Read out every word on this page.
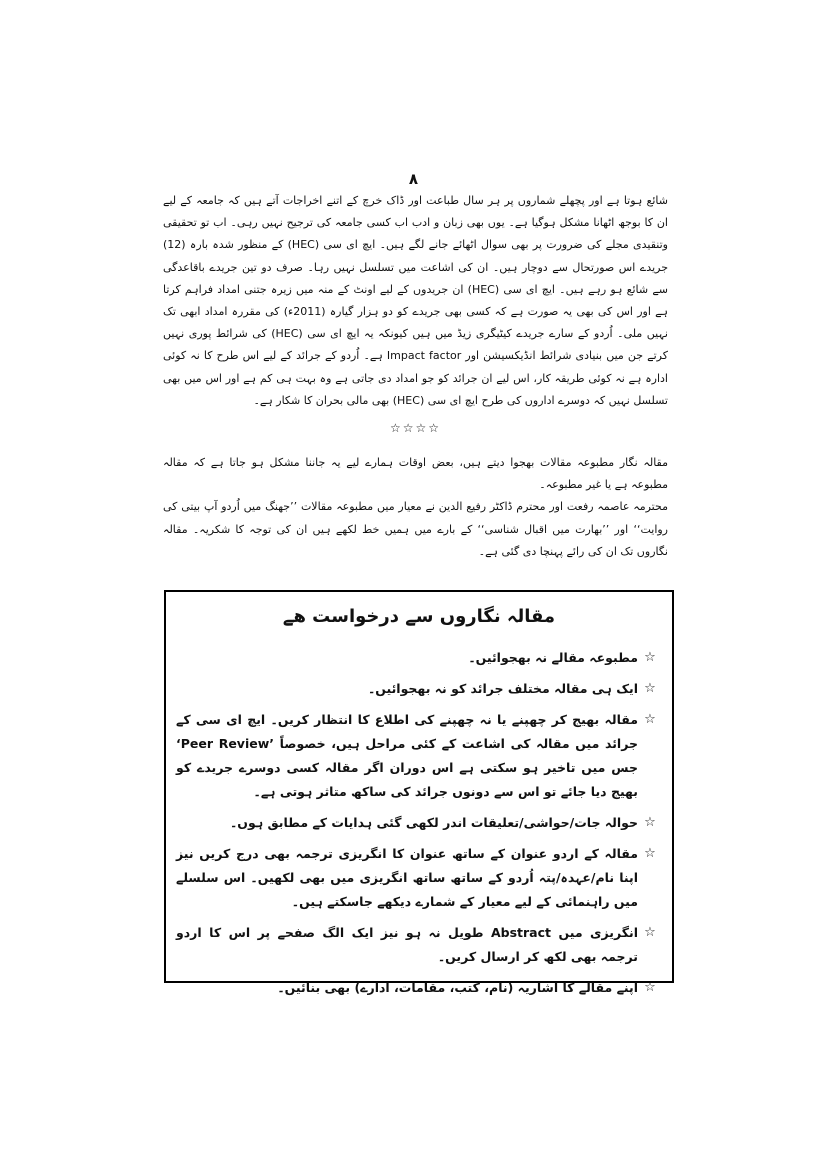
۸

شائع ہوتا ہے اور پچھلے شماروں پر ہر سال طباعت اور ڈاک خرچ کے اتنے اخراجات آتے ہیں کہ جامعہ کے لیے ان کا بوجھ اٹھانا مشکل ہوگیا ہے۔ یوں بھی زبان و ادب اب کسی جامعہ کی ترجیح نہیں رہی۔ اب تو تحقیقی وتنقیدی مجلے کی ضرورت پر بھی سوال اٹھائے جانے لگے ہیں۔ ایچ ای سی (HEC) کے منظور شدہ بارہ (12) جریدے اس صورتحال سے دوچار ہیں۔ ان کی اشاعت میں تسلسل نہیں رہا۔ صرف دو تین جریدے باقاعدگی سے شائع ہو رہے ہیں۔ ایچ ای سی (HEC) ان جریدوں کے لیے اونٹ کے منہ میں زیرہ جتنی امداد فراہم کرتا ہے اور اس کی بھی یہ صورت ہے کہ کسی بھی جریدے کو دو ہزار گیارہ (2011ء) کی مقررہ امداد ابھی تک نہیں ملی۔ اُردو کے سارے جریدے کیٹیگری زیڈ میں ہیں کیونکہ یہ ایچ ای سی (HEC) کی شرائط پوری نہیں کرتے جن میں بنیادی شرائط انڈیکسیشن اور Impact factor ہے۔ اُردو کے جرائد کے لیے اس طرح کا نہ کوئی ادارہ ہے نہ کوئی طریقہ کار، اس لیے ان جرائد کو جو امداد دی جاتی ہے وہ بہت ہی کم ہے اور اس میں بھی تسلسل نہیں کہ دوسرے اداروں کی طرح ایچ ای سی (HEC) بھی مالی بحران کا شکار ہے۔

☆☆☆☆

مقالہ نگار مطبوعہ مقالات بھجوا دیتے ہیں، بعض اوقات ہمارے لیے یہ جاننا مشکل ہو جاتا ہے کہ مقالہ مطبوعہ ہے یا غیر مطبوعہ۔

محترمہ عاصمہ رفعت اور محترم ڈاکٹر رفیع الدین نے معیار میں مطبوعہ مقالات ’’جھنگ میں اُردو آپ بیتی کی روایت‘‘ اور ’’بھارت میں اقبال شناسی‘‘ کے بارے میں ہمیں خط لکھے ہیں ان کی توجہ کا شکریہ۔ مقالہ نگاروں تک ان کی رائے پہنچا دی گئی ہے۔

مقالہ نگاروں سے درخواست ھے
☆
مطبوعہ مقالے نہ بھجوائیں۔
☆
ایک ہی مقالہ مختلف جرائد کو نہ بھجوائیں۔
☆
مقالہ بھیج کر چھپنے یا نہ چھپنے کی اطلاع کا انتظار کریں۔ ایچ ای سی کے جرائد میں مقالہ کی اشاعت کے کئی مراحل ہیں، خصوصاً ’Peer Review‘ جس میں تاخیر ہو سکتی ہے اس دوران اگر مقالہ کسی دوسرے جریدے کو بھیج دیا جائے تو اس سے دونوں جرائد کی ساکھ متاثر ہوتی ہے۔
☆
حوالہ جات/حواشی/تعلیقات اندر لکھی گئی ہدایات کے مطابق ہوں۔
☆
مقالہ کے اردو عنوان کے ساتھ عنوان کا انگریزی ترجمہ بھی درج کریں نیز اپنا نام/عہدہ/پتہ اُردو کے ساتھ ساتھ انگریزی میں بھی لکھیں۔ اس سلسلے میں راہنمائی کے لیے معیار کے شمارے دیکھے جاسکتے ہیں۔
☆
انگریزی میں Abstract طویل نہ ہو نیز ایک الگ صفحے پر اس کا اردو ترجمہ بھی لکھ کر ارسال کریں۔
☆
اپنے مقالے کا اشاریہ (نام، کتب، مقامات، ادارے) بھی بنائیں۔
